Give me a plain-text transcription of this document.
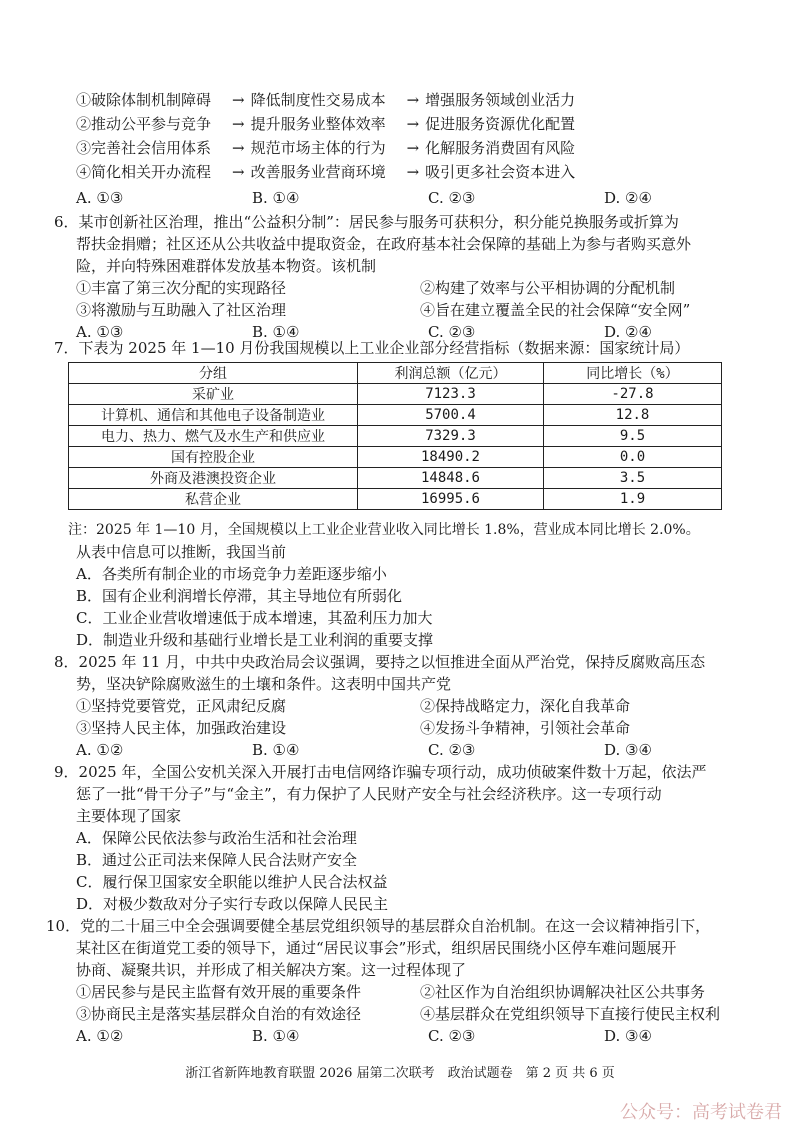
①破除体制机制障碍 → 降低制度性交易成本 → 增强服务领域创业活力
②推动公平参与竞争 → 提升服务业整体效率 → 促进服务资源优化配置
③完善社会信用体系 → 规范市场主体的行为 → 化解服务消费固有风险
④简化相关开办流程 → 改善服务业营商环境 → 吸引更多社会资本进入
A. ①③	B. ①④	C. ②③	D. ②④
6．某市创新社区治理，推出“公益积分制”：居民参与服务可获积分，积分能兑换服务或折算为
帮扶金捐赠；社区还从公共收益中提取资金，在政府基本社会保障的基础上为参与者购买意外
险，并向特殊困难群体发放基本物资。该机制
①丰富了第三次分配的实现路径	②构建了效率与公平相协调的分配机制
③将激励与互助融入了社区治理	④旨在建立覆盖全民的社会保障“安全网”
A. ①③	B. ①④	C. ②③	D. ②④
7．下表为 2025 年 1—10 月份我国规模以上工业企业部分经营指标（数据来源：国家统计局）
分组	利润总额（亿元）	同比增长（%）
采矿业	7123.3	-27.8
计算机、通信和其他电子设备制造业	5700.4	12.8
电力、热力、燃气及水生产和供应业	7329.3	9.5
国有控股企业	18490.2	0.0
外商及港澳投资企业	14848.6	3.5
私营企业	16995.6	1.9
注：2025 年 1—10 月，全国规模以上工业企业营业收入同比增长 1.8%，营业成本同比增长 2.0%。
从表中信息可以推断，我国当前
A．各类所有制企业的市场竞争力差距逐步缩小
B．国有企业利润增长停滞，其主导地位有所弱化
C．工业企业营收增速低于成本增速，其盈利压力加大
D．制造业升级和基础行业增长是工业利润的重要支撑
8．2025 年 11 月，中共中央政治局会议强调，要持之以恒推进全面从严治党，保持反腐败高压态
势，坚决铲除腐败滋生的土壤和条件。这表明中国共产党
①坚持党要管党，正风肃纪反腐	②保持战略定力，深化自我革命
③坚持人民主体，加强政治建设	④发扬斗争精神，引领社会革命
A. ①②	B. ①④	C. ②③	D. ③④
9．2025 年，全国公安机关深入开展打击电信网络诈骗专项行动，成功侦破案件数十万起，依法严
惩了一批“骨干分子”与“金主”，有力保护了人民财产安全与社会经济秩序。这一专项行动
主要体现了国家
A．保障公民依法参与政治生活和社会治理
B．通过公正司法来保障人民合法财产安全
C．履行保卫国家安全职能以维护人民合法权益
D．对极少数敌对分子实行专政以保障人民民主
10．党的二十届三中全会强调要健全基层党组织领导的基层群众自治机制。在这一会议精神指引下，
某社区在街道党工委的领导下，通过“居民议事会”形式，组织居民围绕小区停车难问题展开
协商、凝聚共识，并形成了相关解决方案。这一过程体现了
①居民参与是民主监督有效开展的重要条件	②社区作为自治组织协调解决社区公共事务
③协商民主是落实基层群众自治的有效途径	④基层群众在党组织领导下直接行使民主权利
A. ①②	B. ①④	C. ②③	D. ③④
浙江省新阵地教育联盟 2026 届第二次联考　政治试题卷　第 2 页 共 6 页
公众号：高考试卷君
